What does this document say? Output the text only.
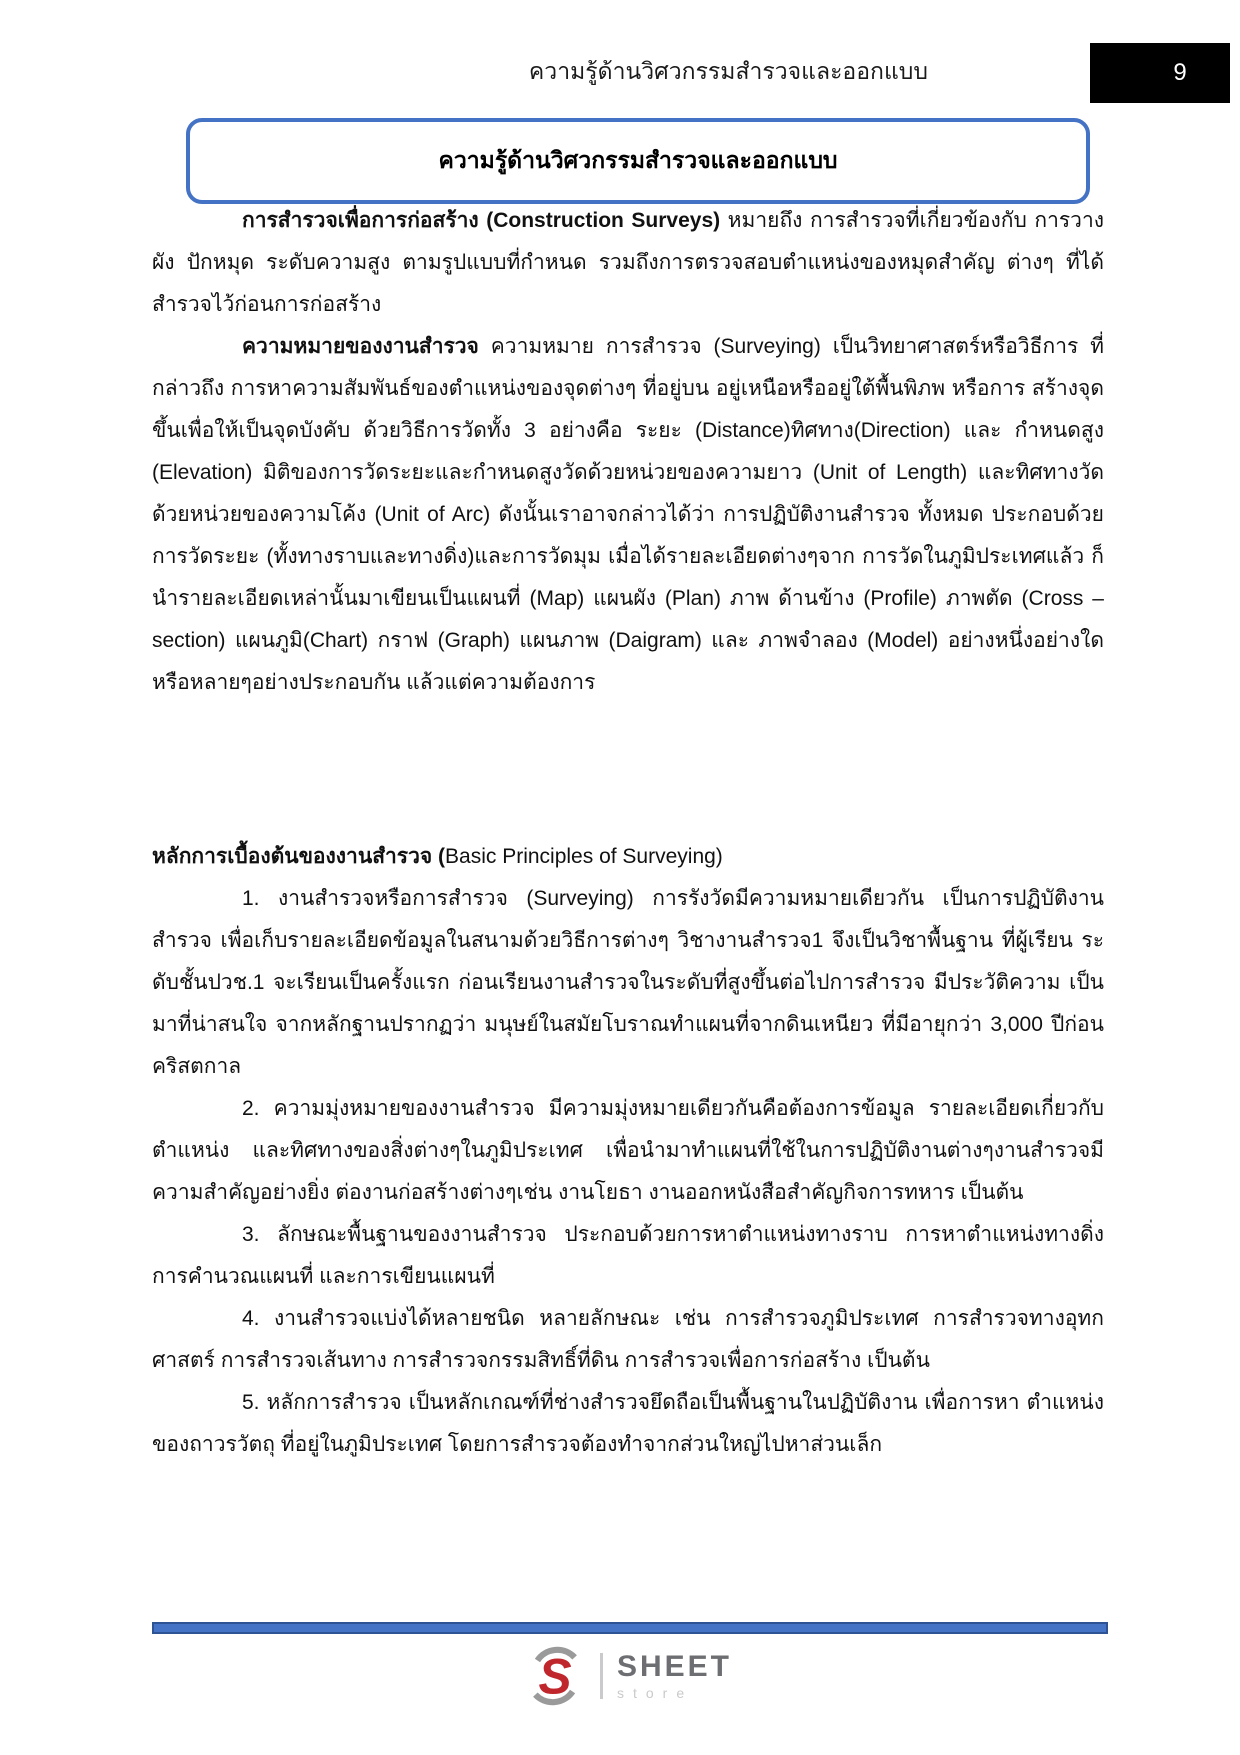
ความรู้ด้านวิศวกรรมสำรวจและออกแบบ	9
ความรู้ด้านวิศวกรรมสำรวจและออกแบบ

การสำรวจเพื่อการก่อสร้าง (Construction Surveys) หมายถึง การสำรวจที่เกี่ยวข้องกับ การวางผัง ปักหมุด ระดับความสูง ตามรูปแบบที่กำหนด รวมถึงการตรวจสอบตำแหน่งของหมุดสำคัญ ต่างๆ ที่ได้สำรวจไว้ก่อนการก่อสร้าง

ความหมายของงานสำรวจ ความหมาย การสำรวจ (Surveying) เป็นวิทยาศาสตร์หรือวิธีการ ที่กล่าวถึง การหาความสัมพันธ์ของตำแหน่งของจุดต่างๆ ที่อยู่บน อยู่เหนือหรืออยู่ใต้พื้นพิภพ หรือการ สร้างจุดขึ้นเพื่อให้เป็นจุดบังคับ ด้วยวิธีการวัดทั้ง 3 อย่างคือ ระยะ (Distance)ทิศทาง(Direction) และ กำหนดสูง (Elevation) มิติของการวัดระยะและกำหนดสูงวัดด้วยหน่วยของความยาว (Unit of Length) และทิศทางวัดด้วยหน่วยของความโค้ง (Unit of Arc) ดังนั้นเราอาจกล่าวได้ว่า การปฏิบัติงานสำรวจ ทั้งหมด ประกอบด้วยการวัดระยะ (ทั้งทางราบและทางดิ่ง)และการวัดมุม เมื่อได้รายละเอียดต่างๆจาก การวัดในภูมิประเทศแล้ว ก็นำรายละเอียดเหล่านั้นมาเขียนเป็นแผนที่ (Map) แผนผัง (Plan) ภาพ ด้านข้าง (Profile) ภาพตัด (Cross – section) แผนภูมิ(Chart) กราฟ (Graph) แผนภาพ (Daigram) และ ภาพจำลอง (Model) อย่างหนึ่งอย่างใดหรือหลายๆอย่างประกอบกัน แล้วแต่ความต้องการ

หลักการเบื้องต้นของงานสำรวจ (Basic Principles of Surveying)

1. งานสำรวจหรือการสำรวจ (Surveying) การรังวัดมีความหมายเดียวกัน เป็นการปฏิบัติงาน สำรวจ เพื่อเก็บรายละเอียดข้อมูลในสนามด้วยวิธีการต่างๆ วิชางานสำรวจ1 จึงเป็นวิชาพื้นฐาน ที่ผู้เรียน ระดับชั้นปวช.1 จะเรียนเป็นครั้งแรก ก่อนเรียนงานสำรวจในระดับที่สูงขึ้นต่อไปการสำรวจ มีประวัติความ เป็นมาที่น่าสนใจ จากหลักฐานปรากฏว่า มนุษย์ในสมัยโบราณทำแผนที่จากดินเหนียว ที่มีอายุกว่า 3,000 ปีก่อนคริสตกาล

2. ความมุ่งหมายของงานสำรวจ มีความมุ่งหมายเดียวกันคือต้องการข้อมูล รายละเอียดเกี่ยวกับ ตำแหน่ง และทิศทางของสิ่งต่างๆในภูมิประเทศ เพื่อนำมาทำแผนที่ใช้ในการปฏิบัติงานต่างๆงานสำรวจมี ความสำคัญอย่างยิ่ง ต่องานก่อสร้างต่างๆเช่น งานโยธา งานออกหนังสือสำคัญกิจการทหาร เป็นต้น

3. ลักษณะพื้นฐานของงานสำรวจ ประกอบด้วยการหาตำแหน่งทางราบ การหาตำแหน่งทางดิ่ง การคำนวณแผนที่ และการเขียนแผนที่

4. งานสำรวจแบ่งได้หลายชนิด หลายลักษณะ เช่น การสำรวจภูมิประเทศ การสำรวจทางอุทก ศาสตร์ การสำรวจเส้นทาง การสำรวจกรรมสิทธิ์ที่ดิน การสำรวจเพื่อการก่อสร้าง เป็นต้น

5. หลักการสำรวจ เป็นหลักเกณฑ์ที่ช่างสำรวจยึดถือเป็นพื้นฐานในปฏิบัติงาน เพื่อการหา ตำแหน่งของถาวรวัตถุ ที่อยู่ในภูมิประเทศ โดยการสำรวจต้องทำจากส่วนใหญ่ไปหาส่วนเล็ก

S SHEET
store
